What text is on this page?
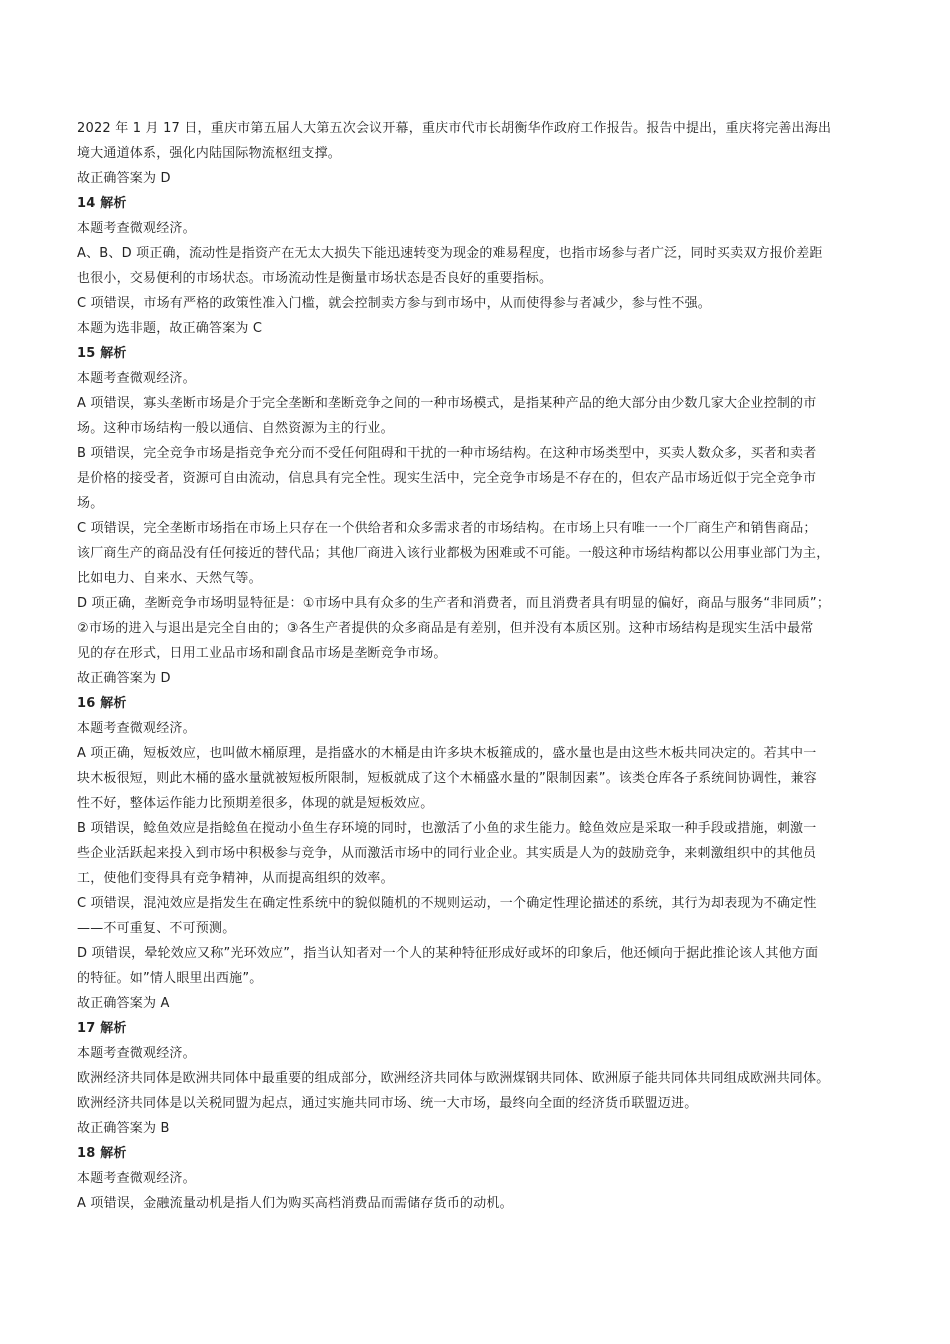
2022 年 1 月 17 日，重庆市第五届人大第五次会议开幕，重庆市代市长胡衡华作政府工作报告。报告中提出，重庆将完善出海出

境大通道体系，强化内陆国际物流枢纽支撑。

故正确答案为 D

14 解析

本题考查微观经济。

A、B、D 项正确，流动性是指资产在无太大损失下能迅速转变为现金的难易程度，也指市场参与者广泛，同时买卖双方报价差距

也很小，交易便利的市场状态。市场流动性是衡量市场状态是否良好的重要指标。

C 项错误，市场有严格的政策性准入门槛，就会控制卖方参与到市场中，从而使得参与者减少，参与性不强。

本题为选非题，故正确答案为 C

15 解析

本题考查微观经济。

A 项错误，寡头垄断市场是介于完全垄断和垄断竞争之间的一种市场模式，是指某种产品的绝大部分由少数几家大企业控制的市

场。这种市场结构一般以通信、自然资源为主的行业。

B 项错误，完全竞争市场是指竞争充分而不受任何阻碍和干扰的一种市场结构。在这种市场类型中，买卖人数众多，买者和卖者

是价格的接受者，资源可自由流动，信息具有完全性。现实生活中，完全竞争市场是不存在的，但农产品市场近似于完全竞争市

场。

C 项错误，完全垄断市场指在市场上只存在一个供给者和众多需求者的市场结构。在市场上只有唯一一个厂商生产和销售商品；

该厂商生产的商品没有任何接近的替代品；其他厂商进入该行业都极为困难或不可能。一般这种市场结构都以公用事业部门为主，

比如电力、自来水、天然气等。

D 项正确，垄断竞争市场明显特征是：①市场中具有众多的生产者和消费者，而且消费者具有明显的偏好，商品与服务“非同质”；

②市场的进入与退出是完全自由的；③各生产者提供的众多商品是有差别，但并没有本质区别。这种市场结构是现实生活中最常

见的存在形式，日用工业品市场和副食品市场是垄断竞争市场。

故正确答案为 D

16 解析

本题考查微观经济。

A 项正确，短板效应，也叫做木桶原理，是指盛水的木桶是由许多块木板箍成的，盛水量也是由这些木板共同决定的。若其中一

块木板很短，则此木桶的盛水量就被短板所限制，短板就成了这个木桶盛水量的”限制因素”。该类仓库各子系统间协调性，兼容

性不好，整体运作能力比预期差很多，体现的就是短板效应。

B 项错误，鲶鱼效应是指鲶鱼在搅动小鱼生存环境的同时，也激活了小鱼的求生能力。鲶鱼效应是采取一种手段或措施，刺激一

些企业活跃起来投入到市场中积极参与竞争，从而激活市场中的同行业企业。其实质是人为的鼓励竞争，来刺激组织中的其他员

工，使他们变得具有竞争精神，从而提高组织的效率。

C 项错误，混沌效应是指发生在确定性系统中的貌似随机的不规则运动，一个确定性理论描述的系统，其行为却表现为不确定性

——不可重复、不可预测。

D 项错误，晕轮效应又称”光环效应”，指当认知者对一个人的某种特征形成好或坏的印象后，他还倾向于据此推论该人其他方面

的特征。如”情人眼里出西施”。

故正确答案为 A

17 解析

本题考查微观经济。

欧洲经济共同体是欧洲共同体中最重要的组成部分，欧洲经济共同体与欧洲煤钢共同体、欧洲原子能共同体共同组成欧洲共同体。

欧洲经济共同体是以关税同盟为起点，通过实施共同市场、统一大市场，最终向全面的经济货币联盟迈进。

故正确答案为 B

18 解析

本题考查微观经济。

A 项错误，金融流量动机是指人们为购买高档消费品而需储存货币的动机。
